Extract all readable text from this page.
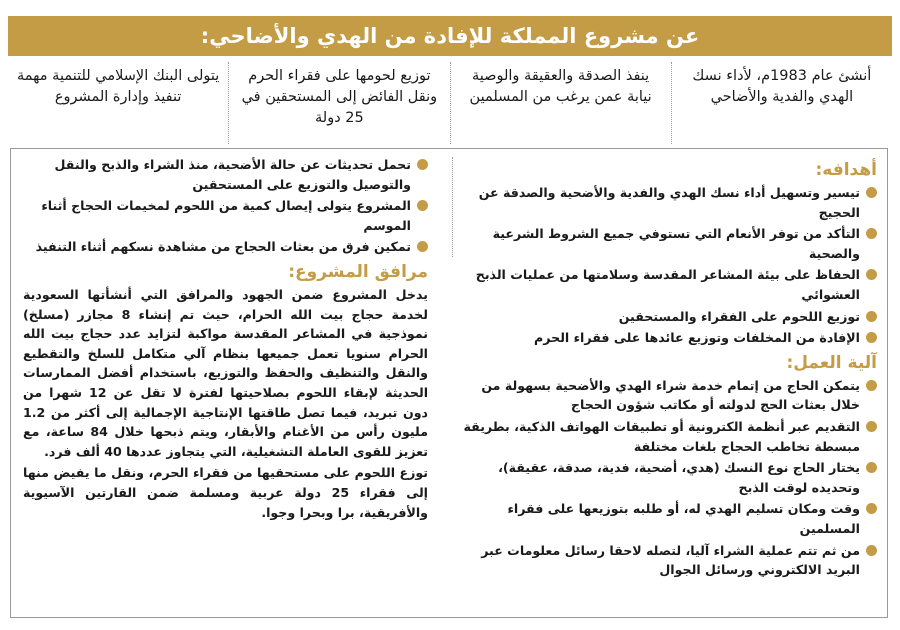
عن مشروع المملكة للإفادة من الهدي والأضاحي:
أنشئ عام 1983م، لأداء نسك الهدي والفدية والأضاحي
ينفذ الصدقة والعقيقة والوصية نيابة عمن يرغب من المسلمين
توزيع لحومها على فقراء الحرم ونقل الفائض إلى المستحقين في 25 دولة
يتولى البنك الإسلامي للتنمية مهمة تنفيذ وإدارة المشروع
أهدافه:
تيسير وتسهيل أداء نسك الهدي والفدية والأضحية والصدقة عن الحجيج
التأكد من توفر الأنعام التي تستوفي جميع الشروط الشرعية والصحية
الحفاظ على بيئة المشاعر المقدسة وسلامتها من عمليات الذبح العشوائي
توزيع اللحوم على الفقراء والمستحقين
الإفادة من المخلفات وتوزيع عائدها على فقراء الحرم
آلية العمل:
يتمكن الحاج من إتمام خدمة شراء الهدي والأضحية بسهولة من خلال بعثات الحج لدولته أو مكاتب شؤون الحجاج
التقديم عبر أنظمة الكترونية أو تطبيقات الهواتف الذكية، بطريقة مبسطة تخاطب الحجاج بلغات مختلفة
يختار الحاج نوع النسك (هدي، أضحية، فدية، صدقة، عقيقة)، وتحديده لوقت الذبح
وقت ومكان تسليم الهدي له، أو طلبه بتوزيعها على فقراء المسلمين
من ثم تتم عملية الشراء آليا، لتصله لاحقا رسائل معلومات عبر البريد الالكتروني ورسائل الجوال
تحمل تحديثات عن حالة الأضحية، منذ الشراء والذبح والنقل والتوصيل والتوزيع على المستحقين
المشروع يتولى إيصال كمية من اللحوم لمخيمات الحجاج أثناء الموسم
تمكين فرق من بعثات الحجاج من مشاهدة نسكهم أثناء التنفيذ
مرافق المشروع:

يدخل المشروع ضمن الجهود والمرافق التي أنشأتها السعودية لخدمة حجاج بيت الله الحرام، حيث تم إنشاء 8 مجازر (مسلخ) نموذجية في المشاعر المقدسة مواكبة لتزايد عدد حجاج بيت الله الحرام سنويا تعمل جميعها بنظام آلي متكامل للسلخ والتقطيع والنقل والتنظيف والحفظ والتوزيع، باستخدام أفضل الممارسات الحديثة لإبقاء اللحوم بصلاحيتها لفترة لا تقل عن 12 شهرا من دون تبريد، فيما تصل طاقتها الإنتاجية الإجمالية إلى أكثر من 1.2 مليون رأس من الأغنام والأبقار، ويتم ذبحها خلال 84 ساعة، مع تعزيز للقوى العاملة التشغيلية، التي يتجاوز عددها 40 ألف فرد.

توزع اللحوم على مستحقيها من فقراء الحرم، ونقل ما يفيض منها إلى فقراء 25 دولة عربية ومسلمة ضمن القارتين الآسيوية والأفريقية، برا وبحرا وجوا.
